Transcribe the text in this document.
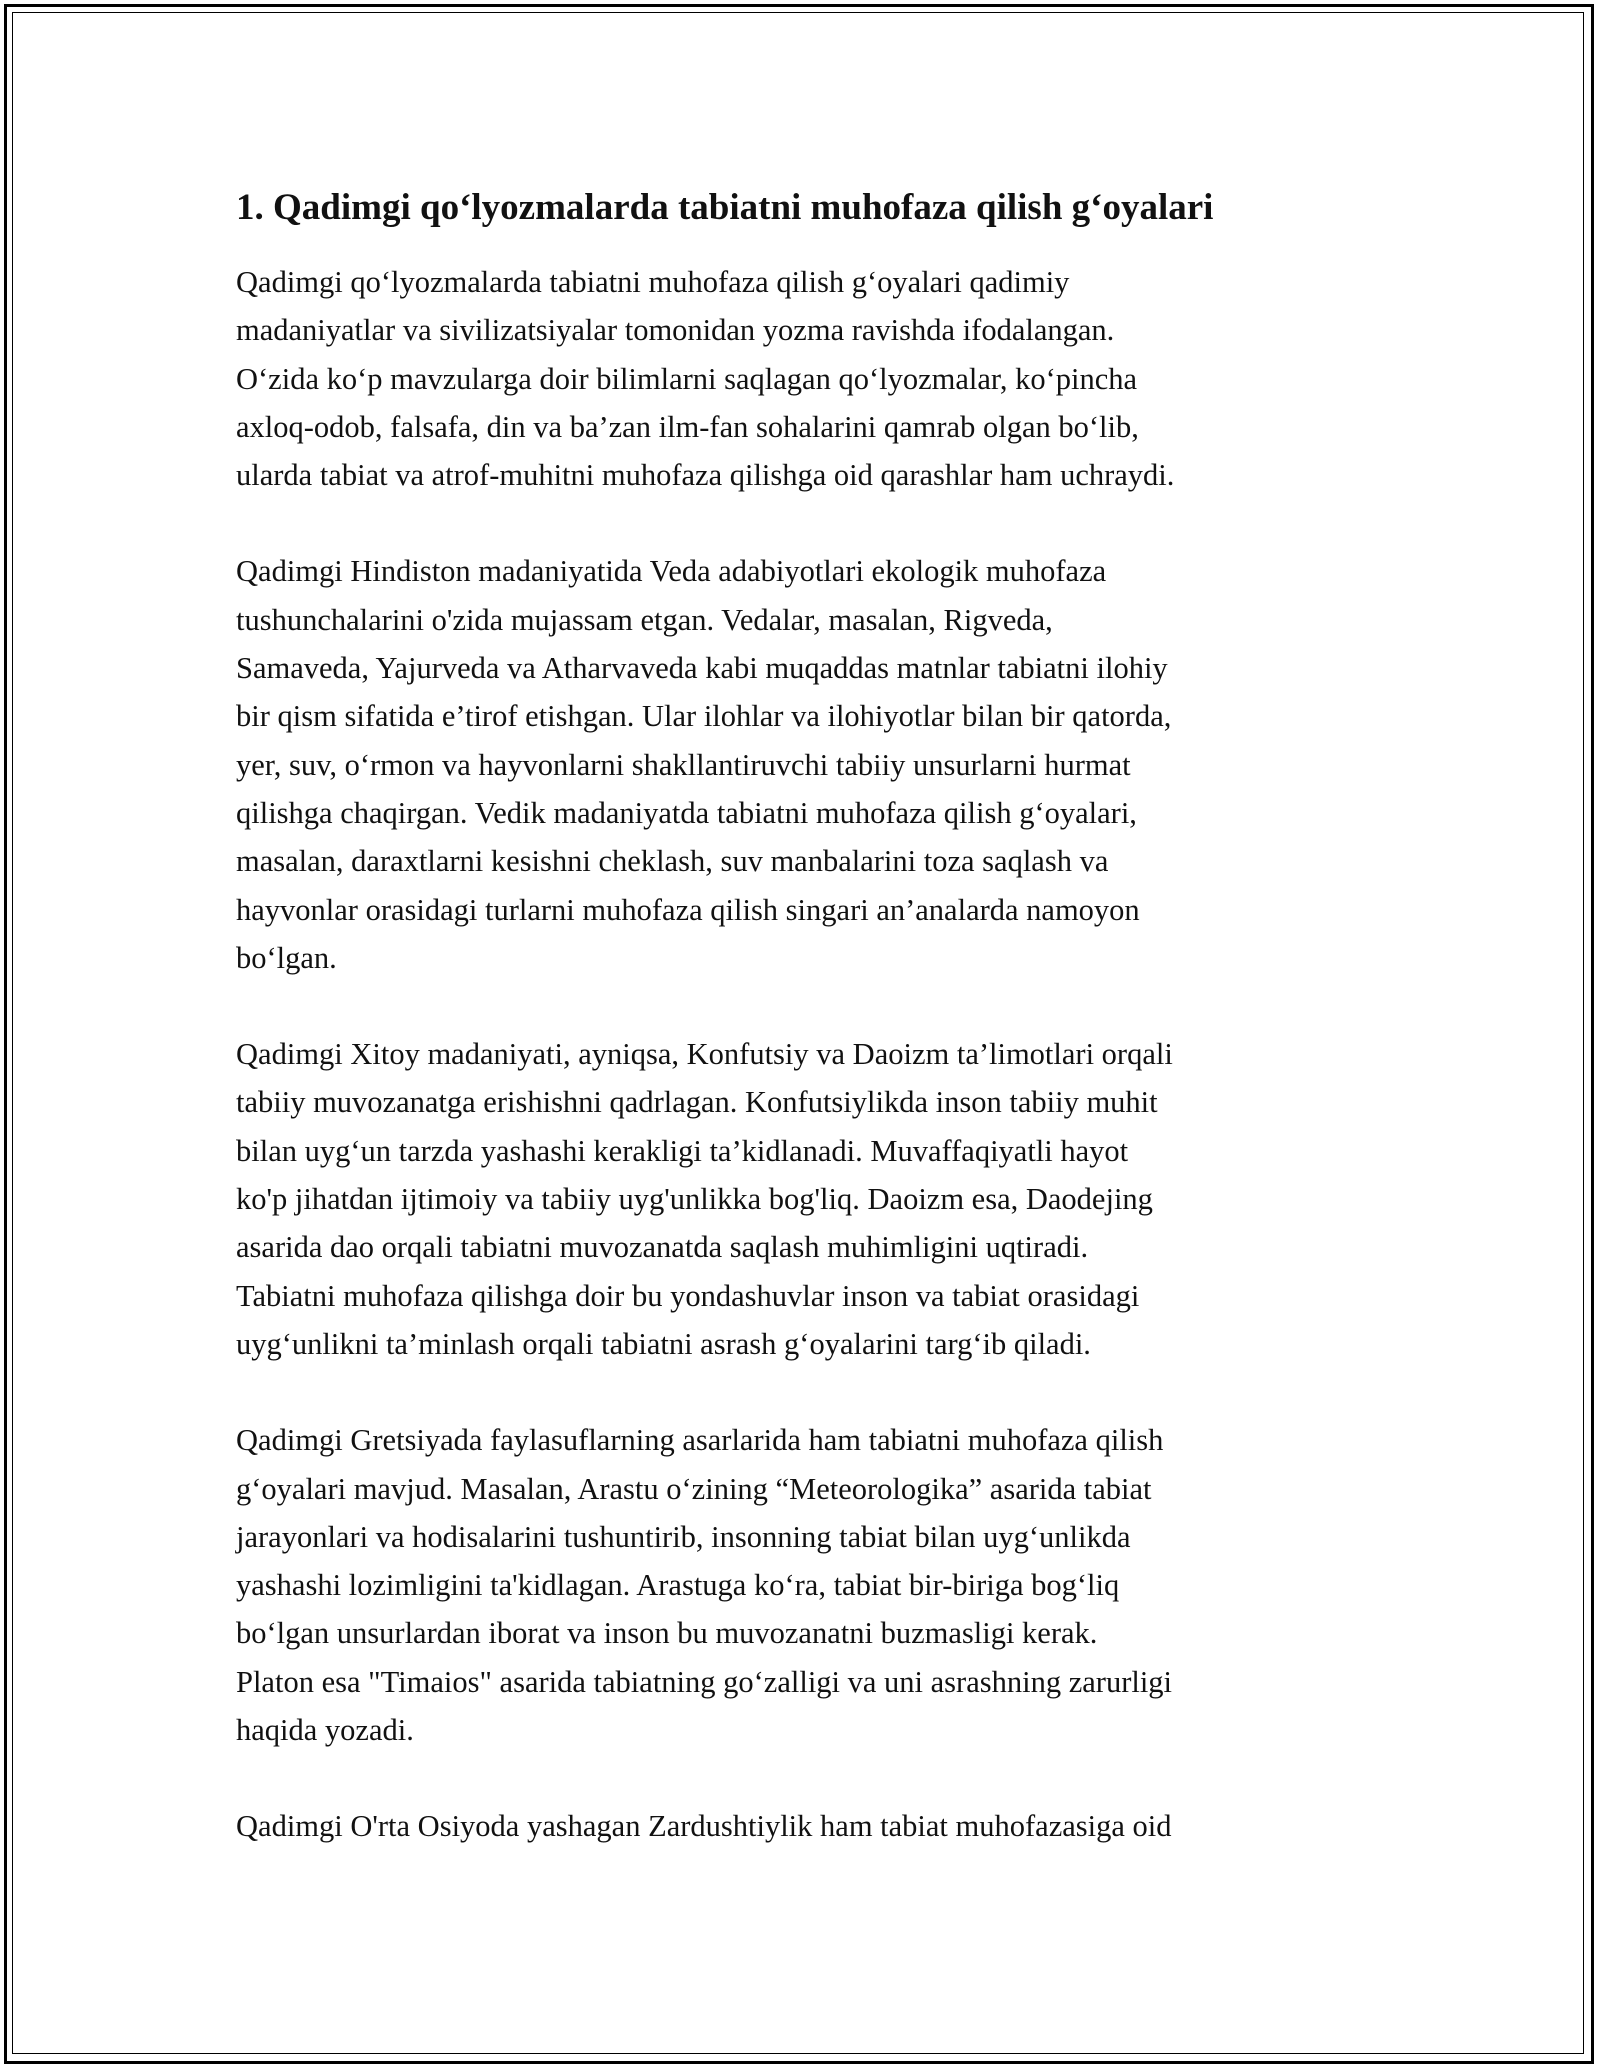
1. Qadimgi qo‘lyozmalarda tabiatni muhofaza qilish g‘oyalari

Qadimgi qo‘lyozmalarda tabiatni muhofaza qilish g‘oyalari qadimiy
madaniyatlar va sivilizatsiyalar tomonidan yozma ravishda ifodalangan.
O‘zida ko‘p mavzularga doir bilimlarni saqlagan qo‘lyozmalar, ko‘pincha
axloq-odob, falsafa, din va ba’zan ilm-fan sohalarini qamrab olgan bo‘lib,
ularda tabiat va atrof-muhitni muhofaza qilishga oid qarashlar ham uchraydi.

Qadimgi Hindiston madaniyatida Veda adabiyotlari ekologik muhofaza
tushunchalarini o'zida mujassam etgan. Vedalar, masalan, Rigveda,
Samaveda, Yajurveda va Atharvaveda kabi muqaddas matnlar tabiatni ilohiy
bir qism sifatida e’tirof etishgan. Ular ilohlar va ilohiyotlar bilan bir qatorda,
yer, suv, o‘rmon va hayvonlarni shakllantiruvchi tabiiy unsurlarni hurmat
qilishga chaqirgan. Vedik madaniyatda tabiatni muhofaza qilish g‘oyalari,
masalan, daraxtlarni kesishni cheklash, suv manbalarini toza saqlash va
hayvonlar orasidagi turlarni muhofaza qilish singari an’analarda namoyon
bo‘lgan.

Qadimgi Xitoy madaniyati, ayniqsa, Konfutsiy va Daoizm ta’limotlari orqali
tabiiy muvozanatga erishishni qadrlagan. Konfutsiylikda inson tabiiy muhit
bilan uyg‘un tarzda yashashi kerakligi ta’kidlanadi. Muvaffaqiyatli hayot
ko'p jihatdan ijtimoiy va tabiiy uyg'unlikka bog'liq. Daoizm esa, Daodejing
asarida dao orqali tabiatni muvozanatda saqlash muhimligini uqtiradi.
Tabiatni muhofaza qilishga doir bu yondashuvlar inson va tabiat orasidagi
uyg‘unlikni ta’minlash orqali tabiatni asrash g‘oyalarini targ‘ib qiladi.

Qadimgi Gretsiyada faylasuflarning asarlarida ham tabiatni muhofaza qilish
g‘oyalari mavjud. Masalan, Arastu o‘zining “Meteorologika” asarida tabiat
jarayonlari va hodisalarini tushuntirib, insonning tabiat bilan uyg‘unlikda
yashashi lozimligini ta'kidlagan. Arastuga ko‘ra, tabiat bir-biriga bog‘liq
bo‘lgan unsurlardan iborat va inson bu muvozanatni buzmasligi kerak.
Platon esa "Timaios" asarida tabiatning go‘zalligi va uni asrashning zarurligi
haqida yozadi.

Qadimgi O'rta Osiyoda yashagan Zardushtiylik ham tabiat muhofazasiga oid
